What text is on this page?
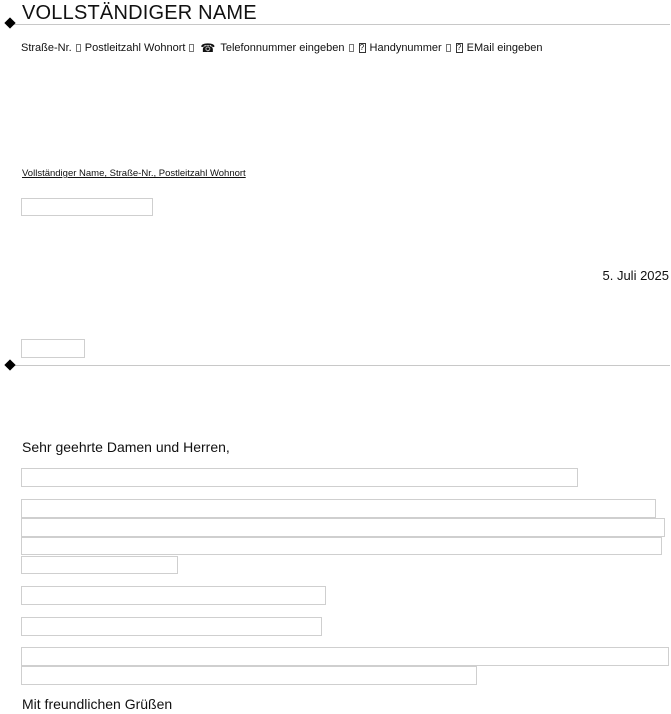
VOLLSTÄNDIGER NAME
Straße-Nr. Postleitzahl Wohnort ☎ Telefonnummer eingeben ? Handynummer ? EMail eingeben
Vollständiger Name, Straße-Nr., Postleitzahl Wohnort
5. Juli 2025
Sehr geehrte Damen und Herren,
Mit freundlichen Grüßen
